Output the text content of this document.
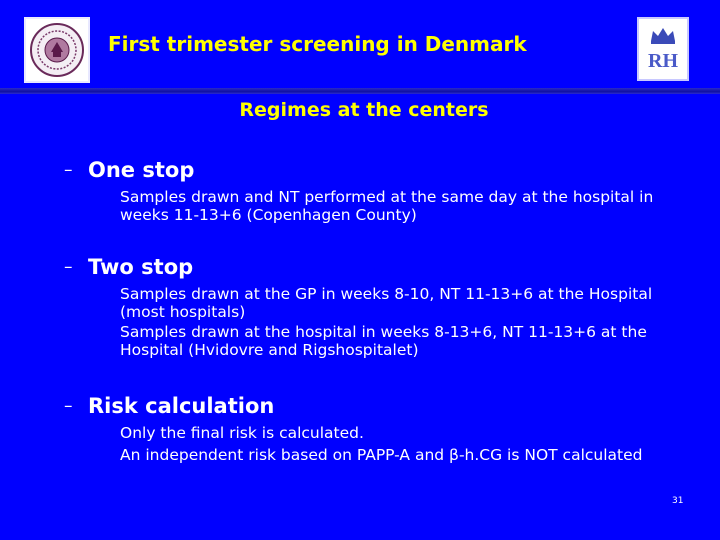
First trimester screening in Denmark
RH
Regimes at the centers
– One stop
Samples drawn and NT performed at the same day at the hospital in weeks 11-13+6 (Copenhagen County)
– Two stop
Samples drawn at the GP in weeks 8-10, NT 11-13+6 at the Hospital (most hospitals)
Samples drawn at the hospital in weeks 8-13+6, NT 11-13+6 at the Hospital (Hvidovre and Rigshospitalet)
– Risk calculation
Only the final risk is calculated.
An independent risk based on PAPP-A and β-h.CG is NOT calculated
31
